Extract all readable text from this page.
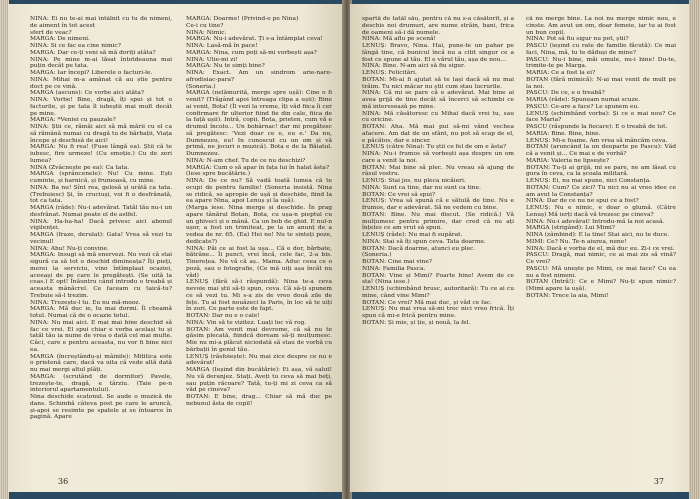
NINA: Ei nu te-ai mai întâlnit cu tu de nimeni, de aiment în tot acest

sfert de veac?

MARGA: De nimeni.

NINA: Si ce fac ea cine nimic?

MARGA: Dar ce-ți veni să mă doriți atâta?

NINA: Pe mine m-ai lăsat întotdeauna mai puțin decât pe tata.

MARGA: Iar începi? Liberele o facturi-le.

NINA: Mihai m-a amânat că au știe pentru doct pe ce vină.

MARGA (ascuns): Ce vorbe aici atâta?

NINA: Vorbe! Bine, dragă, îți spui și tot o facturile, și pe tata îl iubeștii mai mult decât pe mine.

MARGA: *Veniei cu pauzale?

NINA: Știi ce, rămâi aici să mă mării cu el ca să rămână numai cu dragă tu de bărbații, Viața începe și deschisă de aici!

MARGA: Nu fi rea! (Fuse lângă ea). Știi că te iubesc, fire urmeze! (Cu emoție.) Cu de zeri lumea?

NINA (Zvâcnește pe ea): Ca tata.

MARGA (sprâncenele): Nu! Cu mine. Ești cuminte, și harnică, și frumoasă, cu mine.

NINA: Ba nu! Sînt rea, gelosă și urâtă ca tata. (Trebuiesc) Și, în cruciuși, voi fi o desfrânată, tot ca tata.

MARGA (râde): Nu-i adevărat. Tatăl tău nu-i un desfrânat. Numai poate el de astfel.

NINA: Ha-ha-ha! Dacă privesc aici abonul vigilenței.

MARGA (fraze, derulat): Gata! Vrea să vezi tu vecinul!

NINA: Ahu! Nu-ți convine.

MARGA: Insugi să mă enervezi. Nu vezi că stai sigură ca să tot o deschid dimineața? Îți pieți, merei la serviciu, vino întîmplaat ocaziei, aceeași de pe care le pregătești. (Se uită la ceas.) E opt! Înăuntru când introdu o treabă și aceasta mânăcrel. Ce faceam cu taică-tu? Trebuie să-l trezim.

NINA: Trezește-l tu. Eu nu mă-mooz.

MARGA: Mă duc ie, tu mai dormi. Îl cheamă totul. Numai că de o ocazie totul.

NINA: Nu mai aici. E mai mai bine deschid să fac ce vrei. El spui chiar e vorba același tu și tatăl tău ia nume de vrea o dată cel mai multe. Căci, care e pentru aceasta, nu vor fi bine nici ea.

MARGA (încreștându-și mâinile): Mititica este o prietenă care, dacă va uita că vede altă dată nu mai mergi altul plăți.

MARGA: (scrutând de dormitor) Pavele, trezește-te, dragă, e târziu. (Taie pe-n interiorul apartamentului).

Nina deschide scatonul. Se aude o muzică de dans. Schimbă câteva post pe care le aruncă, și-apoi se resimte pe spatele și se întoarce în pagină. Apare

MARGA: Doarme! (Privind-o pe Nina)

Ce-i cu tine?

NINA: Nimic.

MARGA: Nu-i adevărat. Ți s-a întâmplat ceva!

NINA: Lasă-mă în pace!

MARGA: Nina, cum poți să-mi vorbești așa?

NINA: Ulie-mi zi!

MARGA: Nu te simți bine?

NINA: Exact. Am un sindrom arie-nare-afrodisiac-para?

(Soneria.)

MARGA (nelămurită, merge spre ușă): Cine o fi venit? (Trăgând apoi întreaga clipa a ușii): Bine ai venit, Bota! (Îl vezi la vreme, îți văd fiica îi cer confirmare fir ulterior fiind fie din cale, fiica de la față ușii). Intră, copii, Bota, prieten, cum vă e drumul încolo... Un bobârnac! dar mi pregătesc să pregătesc: 'Vezi doar ce e, eu e.' Da nu, Dumnezeu, eu! In cunoscut cu un om și vă primă, ne jocuri o muzică). Bota e de la Băiatul. Dumnezeu.

NINA: N-am chef. Tu de ce nu deschizi?

MARGA: Cum o să apar în fața lui în halat ăsta?

(Iese spre bucătărie.)

NINA: De ce nu? Să vadă toată lumea că te ocupi de pentru familie! (Soneria insistă. Nina se ridică, se apropie de ușă și deschide, fiind la ea apare Nina, apoi Lenuș și la ușă).

(Marga iese. Nina merge și deschide. În prag apare tânărul Botan, Bota, cu ușa-n pieptul cu un ghiveci și o mână. Ca un bob de ghid. E nul-n ușor, a fost un trimiteat, pe la un anunț de a vedea de nr. 65. (Ea) Hei ne! Nu te sinteți poze, dedicate?)

NINA: Păi ce ai fost la ușa... Că e dor, bărbate, bătrâne... Îi punct, vrei încă, cele fac, 2-a bis. Tinerețea. Nu vă că aș.. Mama. Aduc ceea ce o poză, sau o fotografie, (Ce mă uiți așa încât nu văd)

LENUȘ (fără să-i răspundă): Nina te-a ceva nevoie mai știi să-ți spun, ceva. Că să-ți spunem ce să vezi tu. Mi s-a zis de vreo două zile de fețe. Tu ai fost nouăzeci la Paris, în loc să te uiți în zori. Ce parte este de fapt.

BOTAN: Dar nu e o cale!

NINA: Vin să te vizitez. Luați loc vă rog.

BOTAN: Am venit mai devreme, că să nu te găsim plecată, fiindcă doream să-ți mulțumesc. Mie nu mi-a plăcut niciodată să stau de vorbă cu bărbații în genul tău.

LENUȘ (răsfoiește): Nu mai zice despre ce nu e adevărat!

MARGA (Ieșind din bucătărie): Ei așa, vă salut! Nu vă deranjez. Stați. Aveți tu ceva să mai beți, sau puțin răcoare? Tată, tu-ți mi zi ceva ca să văd pe cineva?

BOTAN: E bine, drag... Chiar să mă duc pe nebunul ăsta de copil!

36

spartă de tatăl său, pentru că nu s-a căsătorit, și a deschis noi drumuri, are nume străin, bani, frica de oameni să-i dă numele.

NINA: Mă aflu pe scenă!

LENUȘ: Bravo, Nina. Hai, pune-te un pahar pe lângă tine, că bunicul încă nu a citit singur ce a fost ce spune al tău. El e vărul tău, așa de nou...

NINA: Bine. N-am aici să fiu sigur.

LENUȘ: Felicitări.

BOTAN: Mi-ai fi ajutat să te lași dacă să nu mai trăim. Tu nici măcar nu știi cum stau lucrurile.

NINA: Că mi se pare că e adevărat. Mai bine ai avea grijă de tine decât să încerci să schimbi ce mă interesează pe mine.

NINA: Mă căsătoresc cu Mihai dacă vrei tu, sau cu oricine.

BOTAN: Aha. Mă mai pui să-mi vând vechea afacere. Am dat de un sfânt, nu pot să scap de el, e păcătos, dar e sincer.

LENUȘ (către Nina): Tu știi ce fel de om e ăsta?

NINA: Nu-i frumos să vorbești așa despre un om care a venit la noi.

BOTAN: Mai bine să plec. Nu vreau să ajung de râsul vostru.

LENUȘ: Stai jos, nu pleca nicăieri.

NINA: Sunt ca tine, dar nu sunt ca tine.

BOTAN: Ce vrei să spui?

LENUȘ: Vrea să spună că e sătulă de tine. Nu e frumos, dar e adevărat. Să ne vedem cu bine.

BOTAN: Bine. Nu mai discut. (Se ridică.) Vă mulțumesc pentru primire, dar cred că nu ați înțeles ce am vrut să spun.

LENUȘ (râde): Nu mai fi supărat.

NINA: Stai să îți spun ceva. Tata doarme.

BOTAN: Dacă doarme, atunci eu plec.

(Soneria.)

BOTAN: Cine mai vine?

NINA: Familia Pasca.

BOTAN: Vine și Mimi? Foarte bine! Avem de ce sta! (Nina iese.)

LENUȘ (schimbând brusc, autoritară): Tu ce ai cu mine, când vine Mimi?

BOTAN: Ce vrei? Mă mai duc, și văd ce fac.

LENUȘ: Nu mai vrea să-mi trec nici vreo frică. Îți spun că mi-e frică pentru mine.

BOTAN: Și mie, și ție, și nouă, la fel.

că nu merge bine. La noi nu merge nimic nou, e cinste. Am avut un om, doar femeie, iar tu ai fost un bun copil.

NINA: Pot să fiu sigur nu pot, știi?

PASCU (ieșind cu rate de familie făcută): Ce mai faci, Nina, mă, tu te dăduși de mine?

PASCU: Nu-i bine, măi omule, nu-i bine! Du-te, trimite-te pe Marga.

MARIA: Ce a fost la ei?

BOTAN (fără mimică): N-ai mai venit de mult pe la noi.

PASCU: De ce, e o treabă?

MARIA (râde): Spuneam numai scuze.

PASCU: Ce-are a face? Le spunem eu.

LENUȘ (schimbând vorba): Și ce e mai nou? Ce face Maria?

PASCU (răspunde la fiecare): E o treabă de tot.

MARIA: Bine. Bine, bine.

LENUȘ: Mi-e foame. Am vrea să mâncăm ceva.

BOTAN (aruncând la un deoparte pe Pascu): Văd că a venit și... Ce mai e de vorbă?

MARIA: Valeria ne lipsește?

BOTAN: Tu-ți ai grijă, mi se pare, ne am lăsat cu gura în ceva, ca la școala militară.

LENUȘ: Ei, nu mai spune, nici Constanța.

BOTAN: Cum? Ce zici? Tu nici nu ai vreo idee ce am avut la Constanța?

NINA: Dar de ce nu ne spui ce a fost?

LENUȘ: Nu e nimic, e doar o glumă. (Către Lenuș) Mă ierți dacă vă trezesc pe cineva?

NINA: Nu-i adevărat! Introdu-mă la noi acasă.

MARGA (strigând): Lui Mimi?

NINA (zâmbind): E la tine! Stai aici, nu te duce.

MIMI: Ce? Nu. Te-n aiurea, nene!

NINA: Dacă e vorba de el, mă duc eu. Zi-i ce vrei.

PASCU: Dragă, mai nimic, ce ai mai zis să vină? Ce vrei?

PASCU: Mă unește pe Mimi, ce mai face? Cu ea nu a fost nimeni.

BOTAN (Intră!): Ce e Mimi? Nu-ți spun nimic? (Mimi apare la ușă).

BOTAN: Trece la aia, Mimi!

37
